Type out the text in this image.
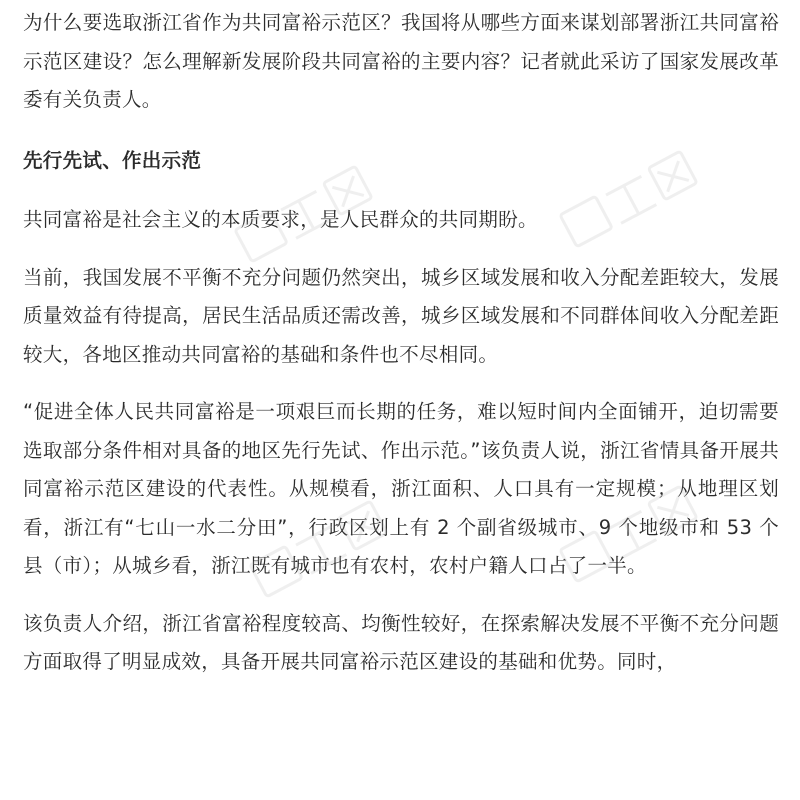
为什么要选取浙江省作为共同富裕示范区？我国将从哪些方面来谋划部署浙江共同富裕示范区建设？怎么理解新发展阶段共同富裕的主要内容？记者就此采访了国家发展改革委有关负责人。

先行先试、作出示范

共同富裕是社会主义的本质要求，是人民群众的共同期盼。

当前，我国发展不平衡不充分问题仍然突出，城乡区域发展和收入分配差距较大，发展质量效益有待提高，居民生活品质还需改善，城乡区域发展和不同群体间收入分配差距较大，各地区推动共同富裕的基础和条件也不尽相同。

“促进全体人民共同富裕是一项艰巨而长期的任务，难以短时间内全面铺开，迫切需要选取部分条件相对具备的地区先行先试、作出示范。”该负责人说，浙江省情具备开展共同富裕示范区建设的代表性。从规模看，浙江面积、人口具有一定规模；从地理区划看，浙江有“七山一水二分田”，行政区划上有 2 个副省级城市、9 个地级市和 53 个县（市）；从城乡看，浙江既有城市也有农村，农村户籍人口占了一半。

该负责人介绍，浙江省富裕程度较高、均衡性较好，在探索解决发展不平衡不充分问题方面取得了明显成效，具备开展共同富裕示范区建设的基础和优势。同时，
